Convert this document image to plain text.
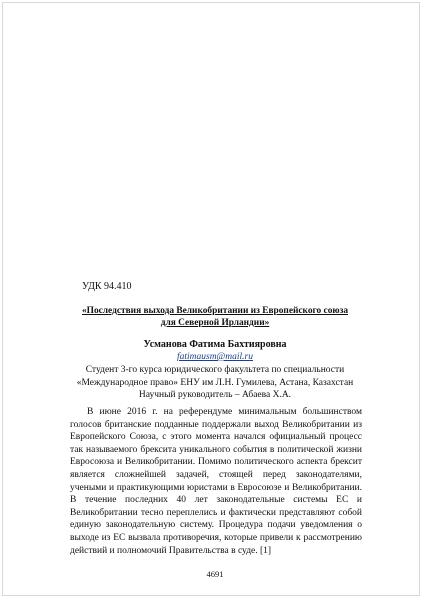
УДК 94.410
«Последствия выхода Великобритании из Европейского союза
для Северной Ирландии»
Усманова Фатима Бахтияровна
fatimausm@mail.ru
Студент 3-го курса юридического факультета по специальности
«Международное право» ЕНУ им Л.Н. Гумилева, Астана, Казахстан
Научный руководитель – Абаева Х.А.

В июне 2016 г. на референдуме минимальным большинством голосов британские подданные поддержали выход Великобритании из Европейского Союза, с этого момента начался официальный процесс так называемого брексита уникального события в политической жизни Евросоюза и Великобритании. Помимо политического аспекта брексит является сложнейшей задачей, стоящей перед законодателями, учеными и практикующими юристами в Евросоюзе и Великобритании. В течение последних 40 лет законодательные системы ЕС и Великобритании тесно переплелись и фактически представляют собой единую законодательную систему. Процедура подачи уведомления о выходе из ЕС вызвала противоречия, которые привели к рассмотрению действий и полномочий Правительства в суде. [1]

4691
